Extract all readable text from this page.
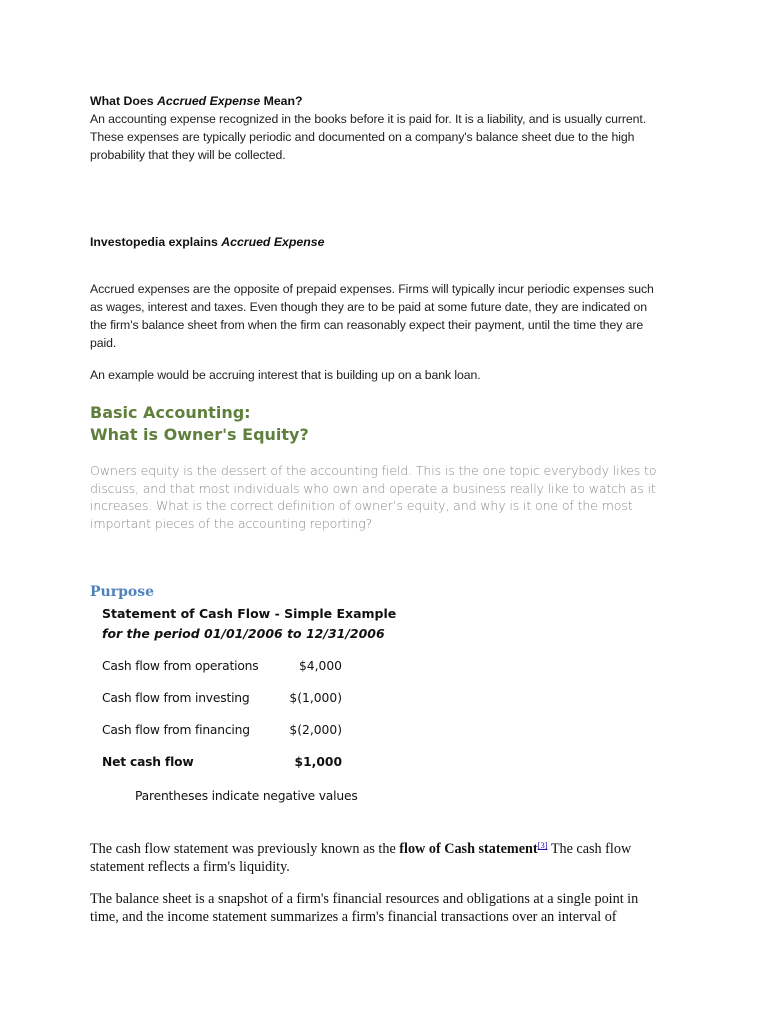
What Does Accrued Expense Mean?

An accounting expense recognized in the books before it is paid for. It is a liability, and is usually current.

These expenses are typically periodic and documented on a company's balance sheet due to the high

probability that they will be collected.

Investopedia explains Accrued Expense

Accrued expenses are the opposite of prepaid expenses. Firms will typically incur periodic expenses such

as wages, interest and taxes. Even though they are to be paid at some future date, they are indicated on

the firm's balance sheet from when the firm can reasonably expect their payment, until the time they are

paid.

An example would be accruing interest that is building up on a bank loan.

Basic Accounting:
What is Owner's Equity?
Owners equity is the dessert of the accounting field. This is the one topic everybody likes to
discuss, and that most individuals who own and operate a business really like to watch as it
increases. What is the correct definition of owner’s equity, and why is it one of the most
important pieces of the accounting reporting?
Purpose
Statement of Cash Flow - Simple Example
for the period 01/01/2006 to 12/31/2006
Cash flow from operations	$4,000
Cash flow from investing	$(1,000)
Cash flow from financing	$(2,000)
Net cash flow	$1,000
Parentheses indicate negative values
The cash flow statement was previously known as the flow of Cash statement[3] The cash flow
statement reflects a firm's liquidity.
The balance sheet is a snapshot of a firm's financial resources and obligations at a single point in
time, and the income statement summarizes a firm's financial transactions over an interval of
